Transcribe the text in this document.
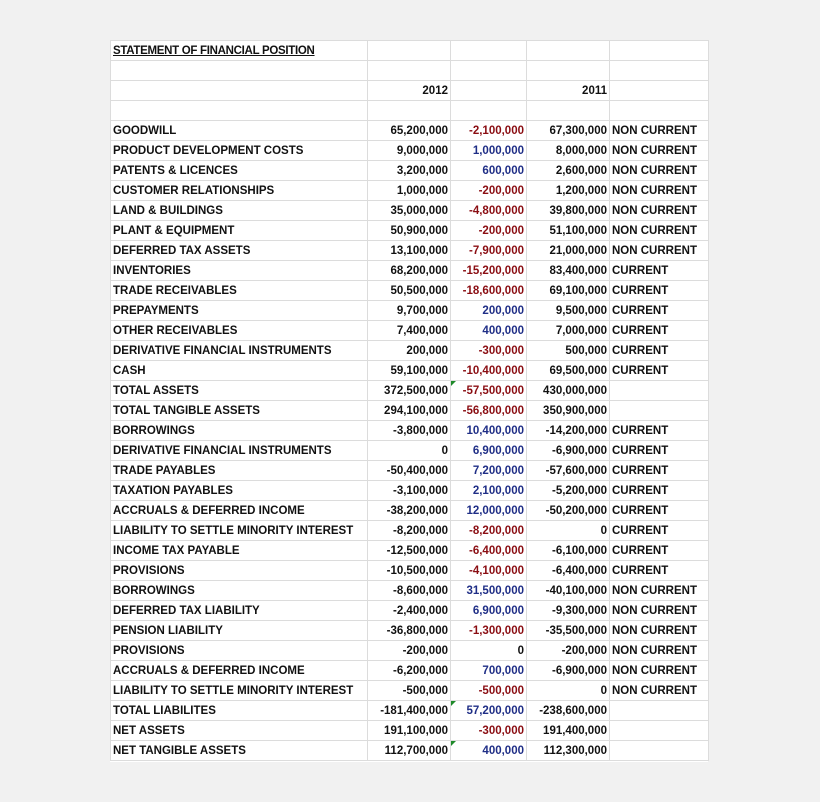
STATEMENT OF FINANCIAL POSITION				

	2012		2011	

GOODWILL	65,200,000	-2,100,000	67,300,000	NON CURRENT
PRODUCT DEVELOPMENT COSTS	9,000,000	1,000,000	8,000,000	NON CURRENT
PATENTS & LICENCES	3,200,000	600,000	2,600,000	NON CURRENT
CUSTOMER RELATIONSHIPS	1,000,000	-200,000	1,200,000	NON CURRENT
LAND & BUILDINGS	35,000,000	-4,800,000	39,800,000	NON CURRENT
PLANT & EQUIPMENT	50,900,000	-200,000	51,100,000	NON CURRENT
DEFERRED TAX ASSETS	13,100,000	-7,900,000	21,000,000	NON CURRENT
INVENTORIES	68,200,000	-15,200,000	83,400,000	CURRENT
TRADE RECEIVABLES	50,500,000	-18,600,000	69,100,000	CURRENT
PREPAYMENTS	9,700,000	200,000	9,500,000	CURRENT
OTHER RECEIVABLES	7,400,000	400,000	7,000,000	CURRENT
DERIVATIVE FINANCIAL INSTRUMENTS	200,000	-300,000	500,000	CURRENT
CASH	59,100,000	-10,400,000	69,500,000	CURRENT
TOTAL ASSETS	372,500,000	-57,500,000	430,000,000	
TOTAL TANGIBLE ASSETS	294,100,000	-56,800,000	350,900,000	
BORROWINGS	-3,800,000	10,400,000	-14,200,000	CURRENT
DERIVATIVE FINANCIAL INSTRUMENTS	0	6,900,000	-6,900,000	CURRENT
TRADE PAYABLES	-50,400,000	7,200,000	-57,600,000	CURRENT
TAXATION PAYABLES	-3,100,000	2,100,000	-5,200,000	CURRENT
ACCRUALS & DEFERRED INCOME	-38,200,000	12,000,000	-50,200,000	CURRENT
LIABILITY TO SETTLE MINORITY INTEREST	-8,200,000	-8,200,000	0	CURRENT
INCOME TAX PAYABLE	-12,500,000	-6,400,000	-6,100,000	CURRENT
PROVISIONS	-10,500,000	-4,100,000	-6,400,000	CURRENT
BORROWINGS	-8,600,000	31,500,000	-40,100,000	NON CURRENT
DEFERRED TAX LIABILITY	-2,400,000	6,900,000	-9,300,000	NON CURRENT
PENSION LIABILITY	-36,800,000	-1,300,000	-35,500,000	NON CURRENT
PROVISIONS	-200,000	0	-200,000	NON CURRENT
ACCRUALS & DEFERRED INCOME	-6,200,000	700,000	-6,900,000	NON CURRENT
LIABILITY TO SETTLE MINORITY INTEREST	-500,000	-500,000	0	NON CURRENT
TOTAL LIABILITES	-181,400,000	57,200,000	-238,600,000	
NET ASSETS	191,100,000	-300,000	191,400,000	
NET TANGIBLE ASSETS	112,700,000	400,000	112,300,000	
